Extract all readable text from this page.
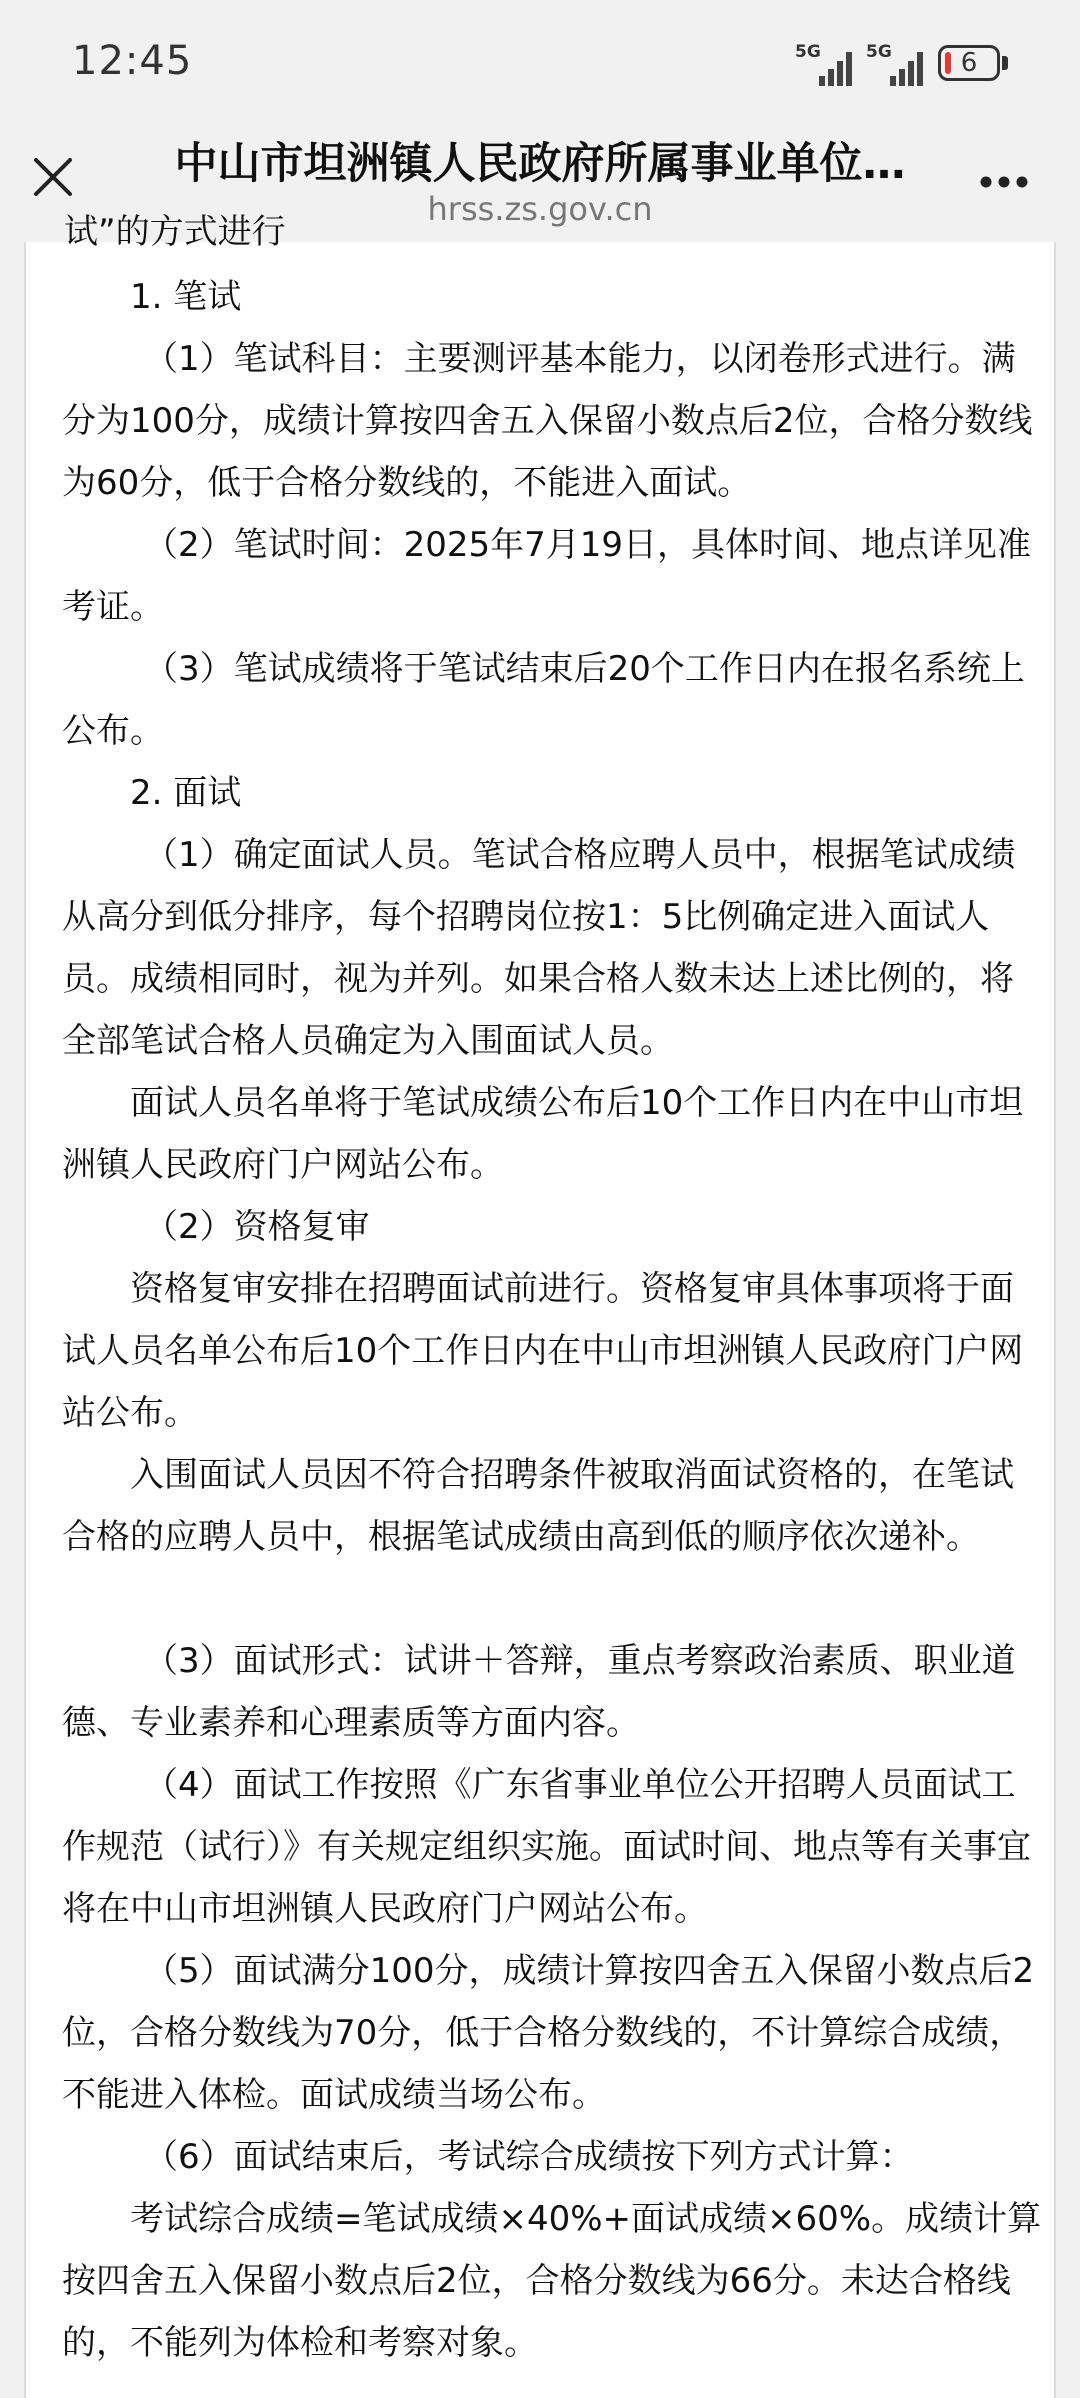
12:45	5G	5G	6
中山市坦洲镇人民政府所属事业单位…
hrss.zs.gov.cn
试”的方式进行

1. 笔试

（1）笔试科目：主要测评基本能力，以闭卷形式进行。满分为100分，成绩计算按四舍五入保留小数点后2位，合格分数线为60分，低于合格分数线的，不能进入面试。

（2）笔试时间：2025年7月19日，具体时间、地点详见准考证。

（3）笔试成绩将于笔试结束后20个工作日内在报名系统上公布。

2. 面试

（1）确定面试人员。笔试合格应聘人员中，根据笔试成绩从高分到低分排序，每个招聘岗位按1：5比例确定进入面试人员。成绩相同时，视为并列。如果合格人数未达上述比例的，将全部笔试合格人员确定为入围面试人员。

面试人员名单将于笔试成绩公布后10个工作日内在中山市坦洲镇人民政府门户网站公布。

（2）资格复审

资格复审安排在招聘面试前进行。资格复审具体事项将于面试人员名单公布后10个工作日内在中山市坦洲镇人民政府门户网站公布。

入围面试人员因不符合招聘条件被取消面试资格的，在笔试合格的应聘人员中，根据笔试成绩由高到低的顺序依次递补。

（3）面试形式：试讲＋答辩，重点考察政治素质、职业道德、专业素养和心理素质等方面内容。

（4）面试工作按照《广东省事业单位公开招聘人员面试工作规范（试行）》有关规定组织实施。面试时间、地点等有关事宜将在中山市坦洲镇人民政府门户网站公布。

（5）面试满分100分，成绩计算按四舍五入保留小数点后2位，合格分数线为70分，低于合格分数线的，不计算综合成绩，不能进入体检。面试成绩当场公布。

（6）面试结束后，考试综合成绩按下列方式计算：

考试综合成绩=笔试成绩×40%+面试成绩×60%。成绩计算按四舍五入保留小数点后2位，合格分数线为66分。未达合格线的，不能列为体检和考察对象。
